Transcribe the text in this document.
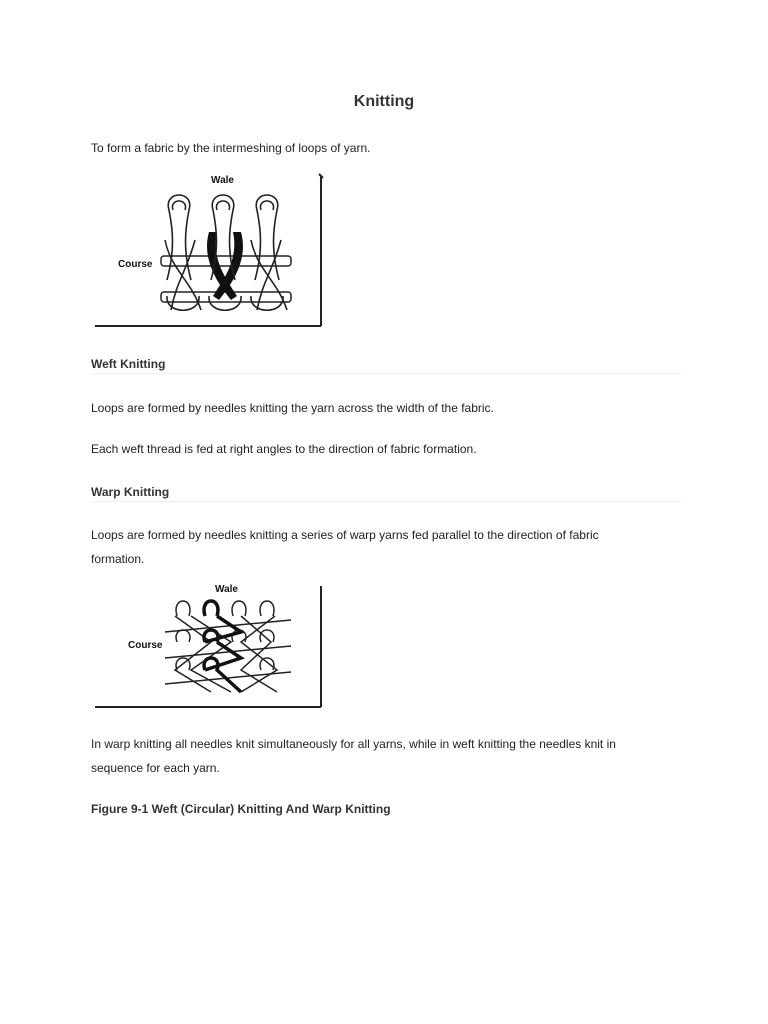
Knitting
To form a fabric by the intermeshing of loops of yarn.
Wale
Course
Weft Knitting
Loops are formed by needles knitting the yarn across the width of the fabric.
Each weft thread is fed at right angles to the direction of fabric formation.
Warp Knitting
Loops are formed by needles knitting a series of warp yarns fed parallel to the direction of fabric
formation.
Wale
Course
In warp knitting all needles knit simultaneously for all yarns, while in weft knitting the needles knit in
sequence for each yarn.
Figure 9-1 Weft (Circular) Knitting And Warp Knitting
